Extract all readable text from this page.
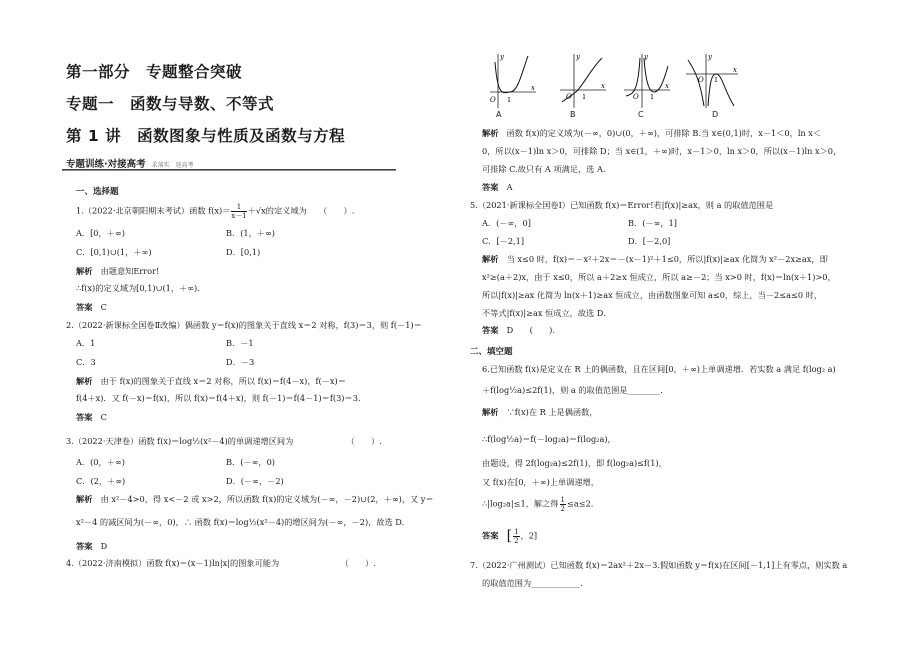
第一部分　专题整合突破
专题一　函数与导数、不等式
第 1 讲　函数图象与性质及函数与方程
专题训练·对接高考 求落实　迎高考
一、选择题
1.（2022·北京朝阳期末考试）函数 $f(x)= \frac{1}{x-1} +√x$的定义域为　　（　　）.
A．[0，＋∞)	B．(1，＋∞)
C．[0,1)∪(1，＋∞)	D．[0,1)
解析　 由题意知Error!
∴f(x)的定义域为[0,1)∪(1，＋∞).
答案　 C
2.（2022·新课标全国卷Ⅱ改编）偶函数 y＝f(x)的图象关于直线 x＝2 对称，f(3)＝3，则 f(－1)＝
A．1	B．－1
C．3	D．－3
解析　 由于 f(x)的图象关于直线 x＝2 对称，所以 f(x)＝f(4－x)，f(－x)＝
f(4＋x)．又 f(－x)＝f(x)，所以 f(x)＝f(4＋x)，则 f(－1)＝f(4－1)＝f(3)＝3.
答案　 C
3.（2022·天津卷）函数 f(x)＝log½(x²－4)的单调递增区间为　　　　　　　（　　）.
A．(0，＋∞)	B．(－∞，0)
C．(2，＋∞)	D．(－∞，－2)
解析　 由 x²－4>0，得 x<－2 或 x>2，所以函数 f(x)的定义域为(－∞，－2)∪(2，＋∞)，又 y＝
x²－4 的减区间为(－∞，0)，∴ 函数 f(x)＝log½(x²－4)的增区间为(－∞，－2)，故选 D.
答案　 D
4.（2022·济南模拟）函数 f(x)＝(x－1)ln|x|的图象可能为　　　　　　　　（　　）.
y
x
O 1
A
y
x
O 1
B
y
x
O 1
C
y
x
O 1
D
解析　 函数 f(x)的定义域为(－∞，0)∪(0，＋∞)，可排除 B.当 x∈(0,1)时，x－1＜0，ln x＜
0，所以(x－1)ln x＞0，可排除 D；当 x∈(1，＋∞)时，x－1＞0，ln x＞0，所以(x－1)ln x＞0，
可排除 C.故只有 A 项满足，选 A.
答案　 A
5.（2021·新课标全国卷Ⅰ）已知函数 f(x)＝Error!若|f(x)|≥ax，则 a 的取值范围是
A．(－∞，0]	B．(－∞，1]
C．[－2,1]	D．[－2,0]
解析　 当 x≤0 时，f(x)＝－x²＋2x＝－(x－1)²＋1≤0，所以|f(x)|≥ax 化简为 x²－2x≥ax，即
x²≥(a＋2)x，由于 x≤0，所以 a＋2≥x 恒成立，所以 a≥－2；当 x>0 时，f(x)＝ln(x＋1)>0，
所以|f(x)|≥ax 化简为 ln(x＋1)≥ax 恒成立，由函数图象可知 a≤0，综上，当－2≤a≤0 时，
不等式|f(x)|≥ax 恒成立，故选 D.
答案　 D　　 (　　).
二、填空题
6.已知函数 f(x)是定义在 R 上的偶函数，且在区间[0，＋∞)上单调递增．若实数 a 满足 f(log₂ a)
＋f(log½a)≤2f(1)，则 a 的取值范围是________.
解析　 ∵f(x)在 R 上是偶函数，
∴f(log½a)＝f(－log₂a)＝f(log₂a)，
由题设，得 2f(log₂a)≤2f(1)，即 f(log₂a)≤f(1)，
又 f(x)在[0，＋∞)上单调递增，
∴|log₂a|≤1，解之得 $\frac{1}{2} \le a\le 2$.
答案　 [ $\frac{1}{2}$ ，2]
7.（2022·广州测试）已知函数 f(x)＝2ax²＋2x－3.假如函数 y＝f(x)在区间[－1,1]上有零点，则实数 a
的取值范围为____________.
